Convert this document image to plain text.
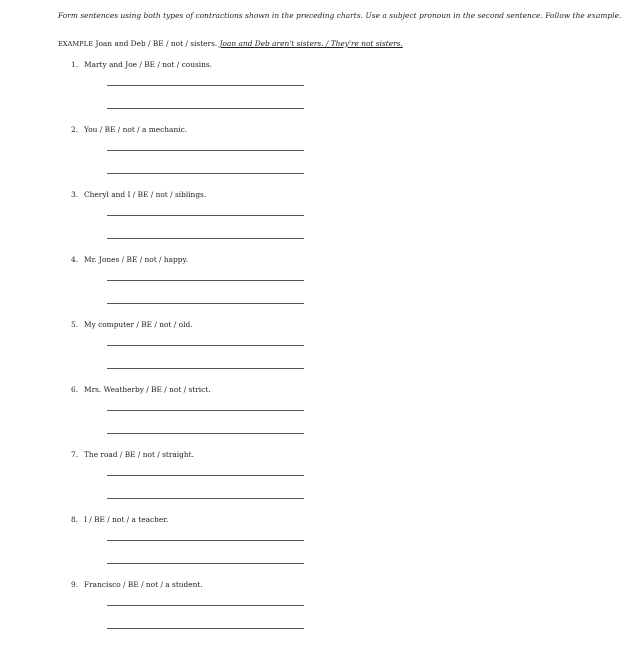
Form sentences using both types of contractions shown in the preceding charts. Use a subject pronoun in the second sentence. Follow the example.
EXAMPLE Joan and Deb / BE / not / sisters. Joan and Deb aren't sisters. / They're not sisters.
1. Marty and Joe / BE / not / cousins.
2. You / BE / not / a mechanic.
3. Cheryl and I / BE / not / siblings.
4. Mr. Jones / BE / not / happy.
5. My computer / BE / not / old.
6. Mrs. Weatherby / BE / not / strict.
7. The road / BE / not / straight.
8. I / BE / not / a teacher.
9. Francisco / BE / not / a student.
